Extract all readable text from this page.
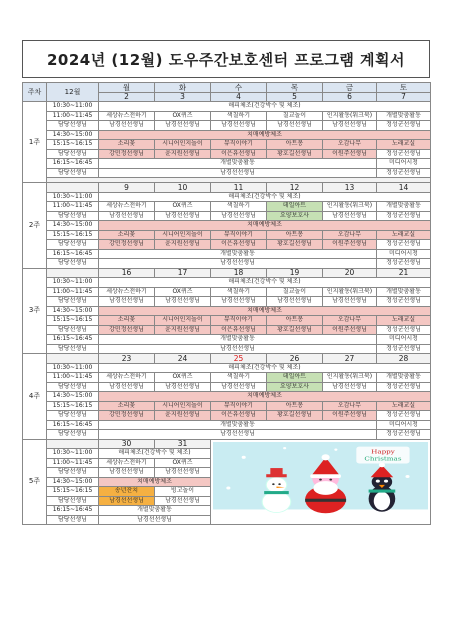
2024년 (12월) 도우주간보호센터 프로그램 계획서
주차	12월	월	화	수	목	금	토
		2	3	4	5	6	7
1주	10:30~11:00	해피체조(건강박수 및 체조)					
	11:00~11:45	세상뉴스전하기	OX퀴즈	색칠하기	칠교놀이	인지활동(워크북)	개별맞춤활동
	담당선생님	남경선선생님	남경선선생님	남경선선생님	남경선선생님	남경선선생님	정성군선생님
	14:30~15:00	치매예방체조					
	15:15~16:15	소리꽃	시니어인지놀이	뮤직이야기	아트봉	오감나무	노래교실
	담당선생님	강민정선생님	윤지원선생님	이은유선생님	황호길선생님	이원주선생님	정성군선생님
	16:15~16:45	개별맞춤활동					미디어시청
	담당선생님	남경선선생님					정성군선생님

2주		9	10	11	12	13	14
	10:30~11:00	해피체조(건강박수 및 체조)					
	11:00~11:45	세상뉴스전하기	OX퀴즈	색칠하기	데일아트	인지활동(워크북)	개별맞춤활동
	담당선생님	남경선선생님	남경선선생님	남경선선생님	요양보호사	남경선선생님	정성군선생님
	14:30~15:00	치매예방체조					
	15:15~16:15	소리꽃	시니어인지놀이	뮤직이야기	아트봉	오감나무	노래교실
	담당선생님	강민정선생님	윤지원선생님	이은유선생님	황호길선생님	이원주선생님	정성군선생님
	16:15~16:45	개별맞춤활동					미디어시청
	담당선생님	남경선선생님					정성군선생님
3주		16	17	18	19	20	21
	10:30~11:00	해피체조(건강박수 및 체조)					
	11:00~11:45	세상뉴스전하기	OX퀴즈	색칠하기	칠교놀이	인지활동(워크북)	개별맞춤활동
	담당선생님	남경선선생님	남경선선생님	남경선선생님	남경선선생님	남경선선생님	정성군선생님
	14:30~15:00	치매예방체조					
	15:15~16:15	소리꽃	시니어인지놀이	뮤직이야기	아트봉	오감나무	노래교실
	담당선생님	강민정선생님	윤지원선생님	이은유선생님	황호길선생님	이원주선생님	정성군선생님
	16:15~16:45	개별맞춤활동					미디어시청
	담당선생님	남경선선생님					정성군선생님
4주		23	24	25	26	27	28
	10:30~11:00	해피체조(건강박수 및 체조)					
	11:00~11:45	세상뉴스전하기	OX퀴즈	색칠하기	데일아트	인지활동(워크북)	개별맞춤활동
	담당선생님	남경선선생님	남경선선생님	남경선선생님	요양보호사	남경선선생님	정성군선생님
	14:30~15:00	치매예방체조					
	15:15~16:15	소리꽃	시니어인지놀이	뮤직이야기	아트봉	오감나무	노래교실
	담당선생님	강민정선생님	윤지원선생님	이은유선생님	황호길선생님	이원주선생님	정성군선생님
	16:15~16:45	개별맞춤활동					미디어시청
	담당선생님	남경선선생님					정성군선생님
5주		30	31	Happy
Christmas			

	10:30~11:00	해피체조(건강박수 및 체조)					
	11:00~11:45	세상뉴스전하기	OX퀴즈				
	담당선생님	남경선선생님	남경선선생님				
	14:30~15:00	치매예방체조					
	15:15~16:15	송년잔치	빙고놀이				
	담당선생님	남경선선생님	남경선선생님				
	16:15~16:45	개별맞춤활동					
	담당선생님	남경선선생님					
